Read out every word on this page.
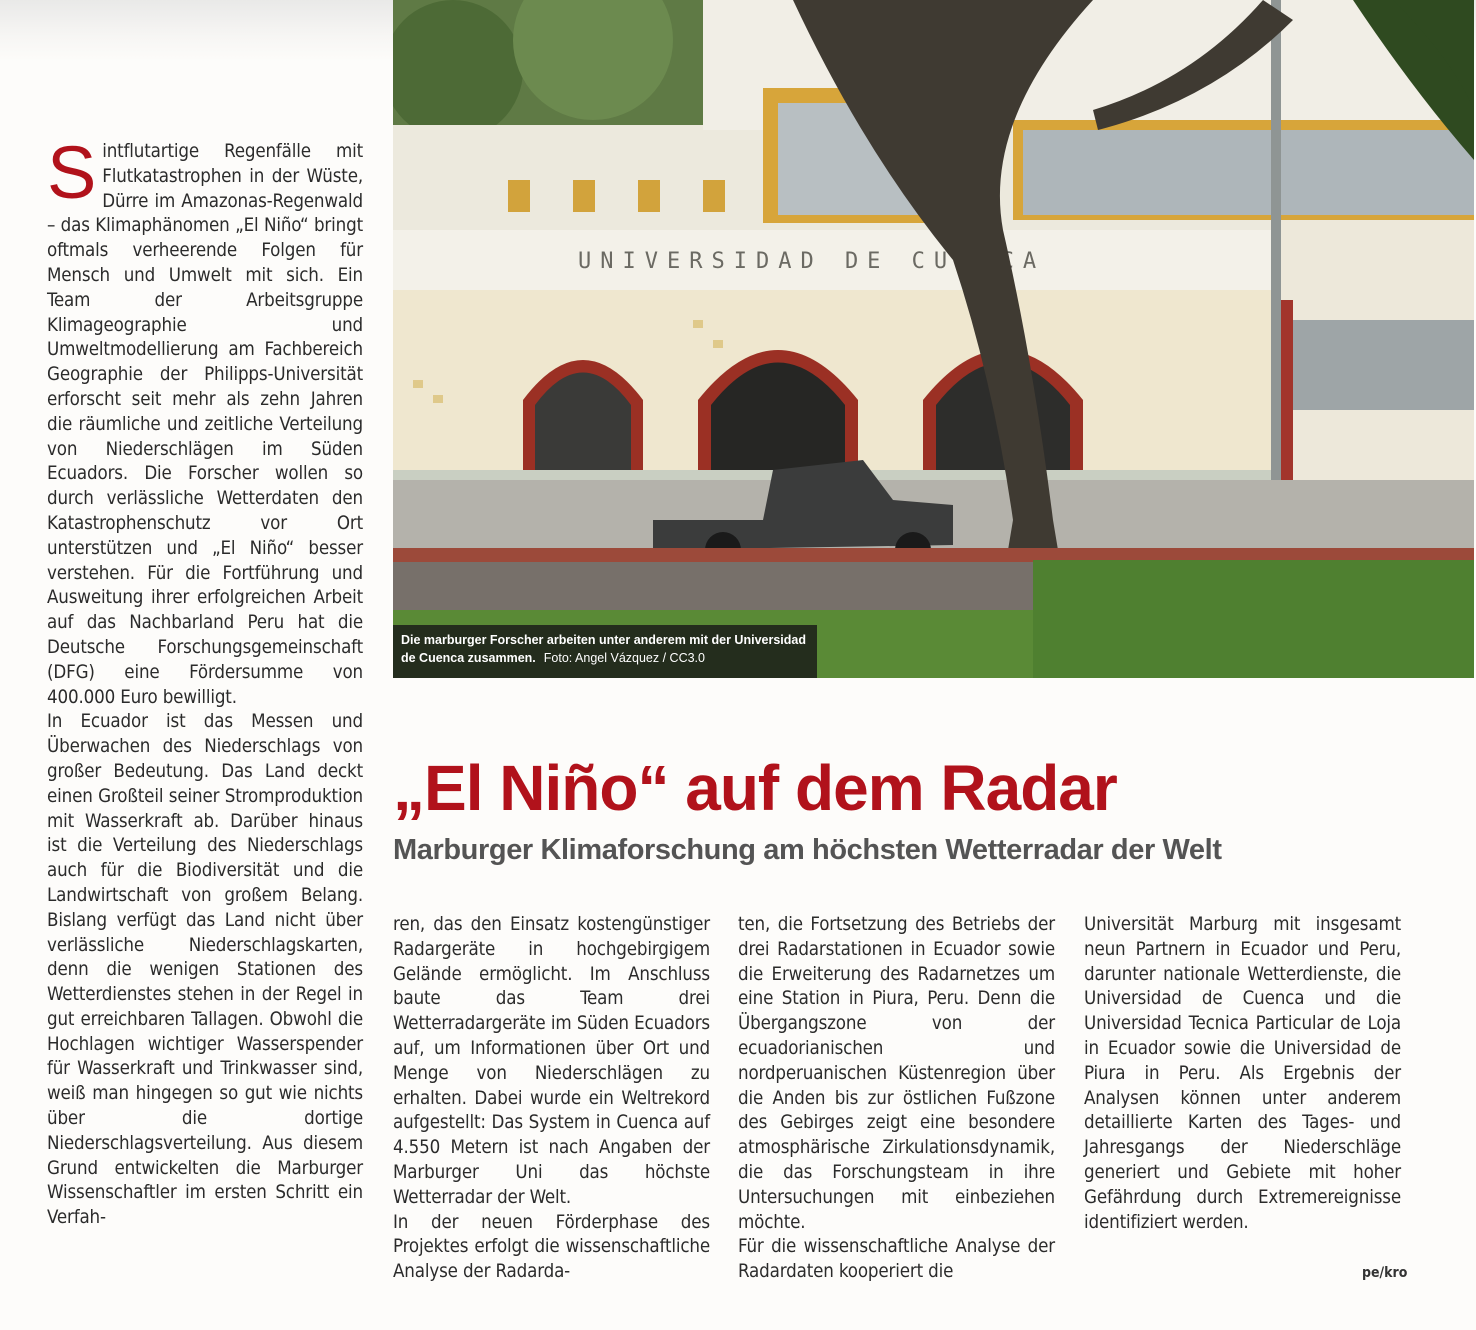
Sintflutartige Regenfälle mit Flutkatastrophen in der Wüste, Dürre im Amazonas-Regenwald – das Klimaphänomen „El Niño“ bringt oftmals verheerende Folgen für Mensch und Umwelt mit sich. Ein Team der Arbeitsgruppe Klimageographie und Umweltmodellierung am Fachbereich Geographie der Philipps-Universität erforscht seit mehr als zehn Jahren die räumliche und zeitliche Verteilung von Niederschlägen im Süden Ecuadors. Die Forscher wollen so durch verlässliche Wetterdaten den Katastrophenschutz vor Ort unterstützen und „El Niño“ besser verstehen. Für die Fortführung und Ausweitung ihrer erfolgreichen Arbeit auf das Nachbarland Peru hat die Deutsche Forschungsgemeinschaft (DFG) eine Fördersumme von 400.000 Euro bewilligt.

In Ecuador ist das Messen und Überwachen des Niederschlags von großer Bedeutung. Das Land deckt einen Großteil seiner Stromproduktion mit Wasserkraft ab. Darüber hinaus ist die Verteilung des Niederschlags auch für die Biodiversität und die Landwirtschaft von großem Belang. Bislang verfügt das Land nicht über verlässliche Niederschlagskarten, denn die wenigen Stationen des Wetterdienstes stehen in der Regel in gut erreichbaren Tallagen. Obwohl die Hochlagen wichtiger Wasserspender für Wasserkraft und Trinkwasser sind, weiß man hingegen so gut wie nichts über die dortige Niederschlagsverteilung. Aus diesem Grund entwickelten die Marburger Wissenschaftler im ersten Schritt ein Verfah-

UNIVERSIDAD DE CUENCA
Die marburger Forscher arbeiten unter anderem mit der Universidad de Cuenca zusammen. Foto: Angel Vázquez / CC3.0
„El Niño“ auf dem Radar
Marburger Klimaforschung am höchsten Wetterradar der Welt

ren, das den Einsatz kostengünstiger Radargeräte in hochgebirgigem Gelände ermöglicht. Im Anschluss baute das Team drei Wetterradargeräte im Süden Ecuadors auf, um Informationen über Ort und Menge von Niederschlägen zu erhalten. Dabei wurde ein Weltrekord aufgestellt: Das System in Cuenca auf 4.550 Metern ist nach Angaben der Marburger Uni das höchste Wetterradar der Welt.

In der neuen Förderphase des Projektes erfolgt die wissenschaftliche Analyse der Radarda-

ten, die Fortsetzung des Betriebs der drei Radarstationen in Ecuador sowie die Erweiterung des Radarnetzes um eine Station in Piura, Peru. Denn die Übergangszone von der ecuadorianischen und nordperuanischen Küstenregion über die Anden bis zur östlichen Fußzone des Gebirges zeigt eine besondere atmosphärische Zirkulationsdynamik, die das Forschungsteam in ihre Untersuchungen mit einbeziehen möchte.

Für die wissenschaftliche Analyse der Radardaten kooperiert die

Universität Marburg mit insgesamt neun Partnern in Ecuador und Peru, darunter nationale Wetterdienste, die Universidad de Cuenca und die Universidad Tecnica Particular de Loja in Ecuador sowie die Universidad de Piura in Peru. Als Ergebnis der Analysen können unter anderem detaillierte Karten des Tages- und Jahresgangs der Niederschläge generiert und Gebiete mit hoher Gefährdung durch Extremereignisse identifiziert werden.

pe/kro
